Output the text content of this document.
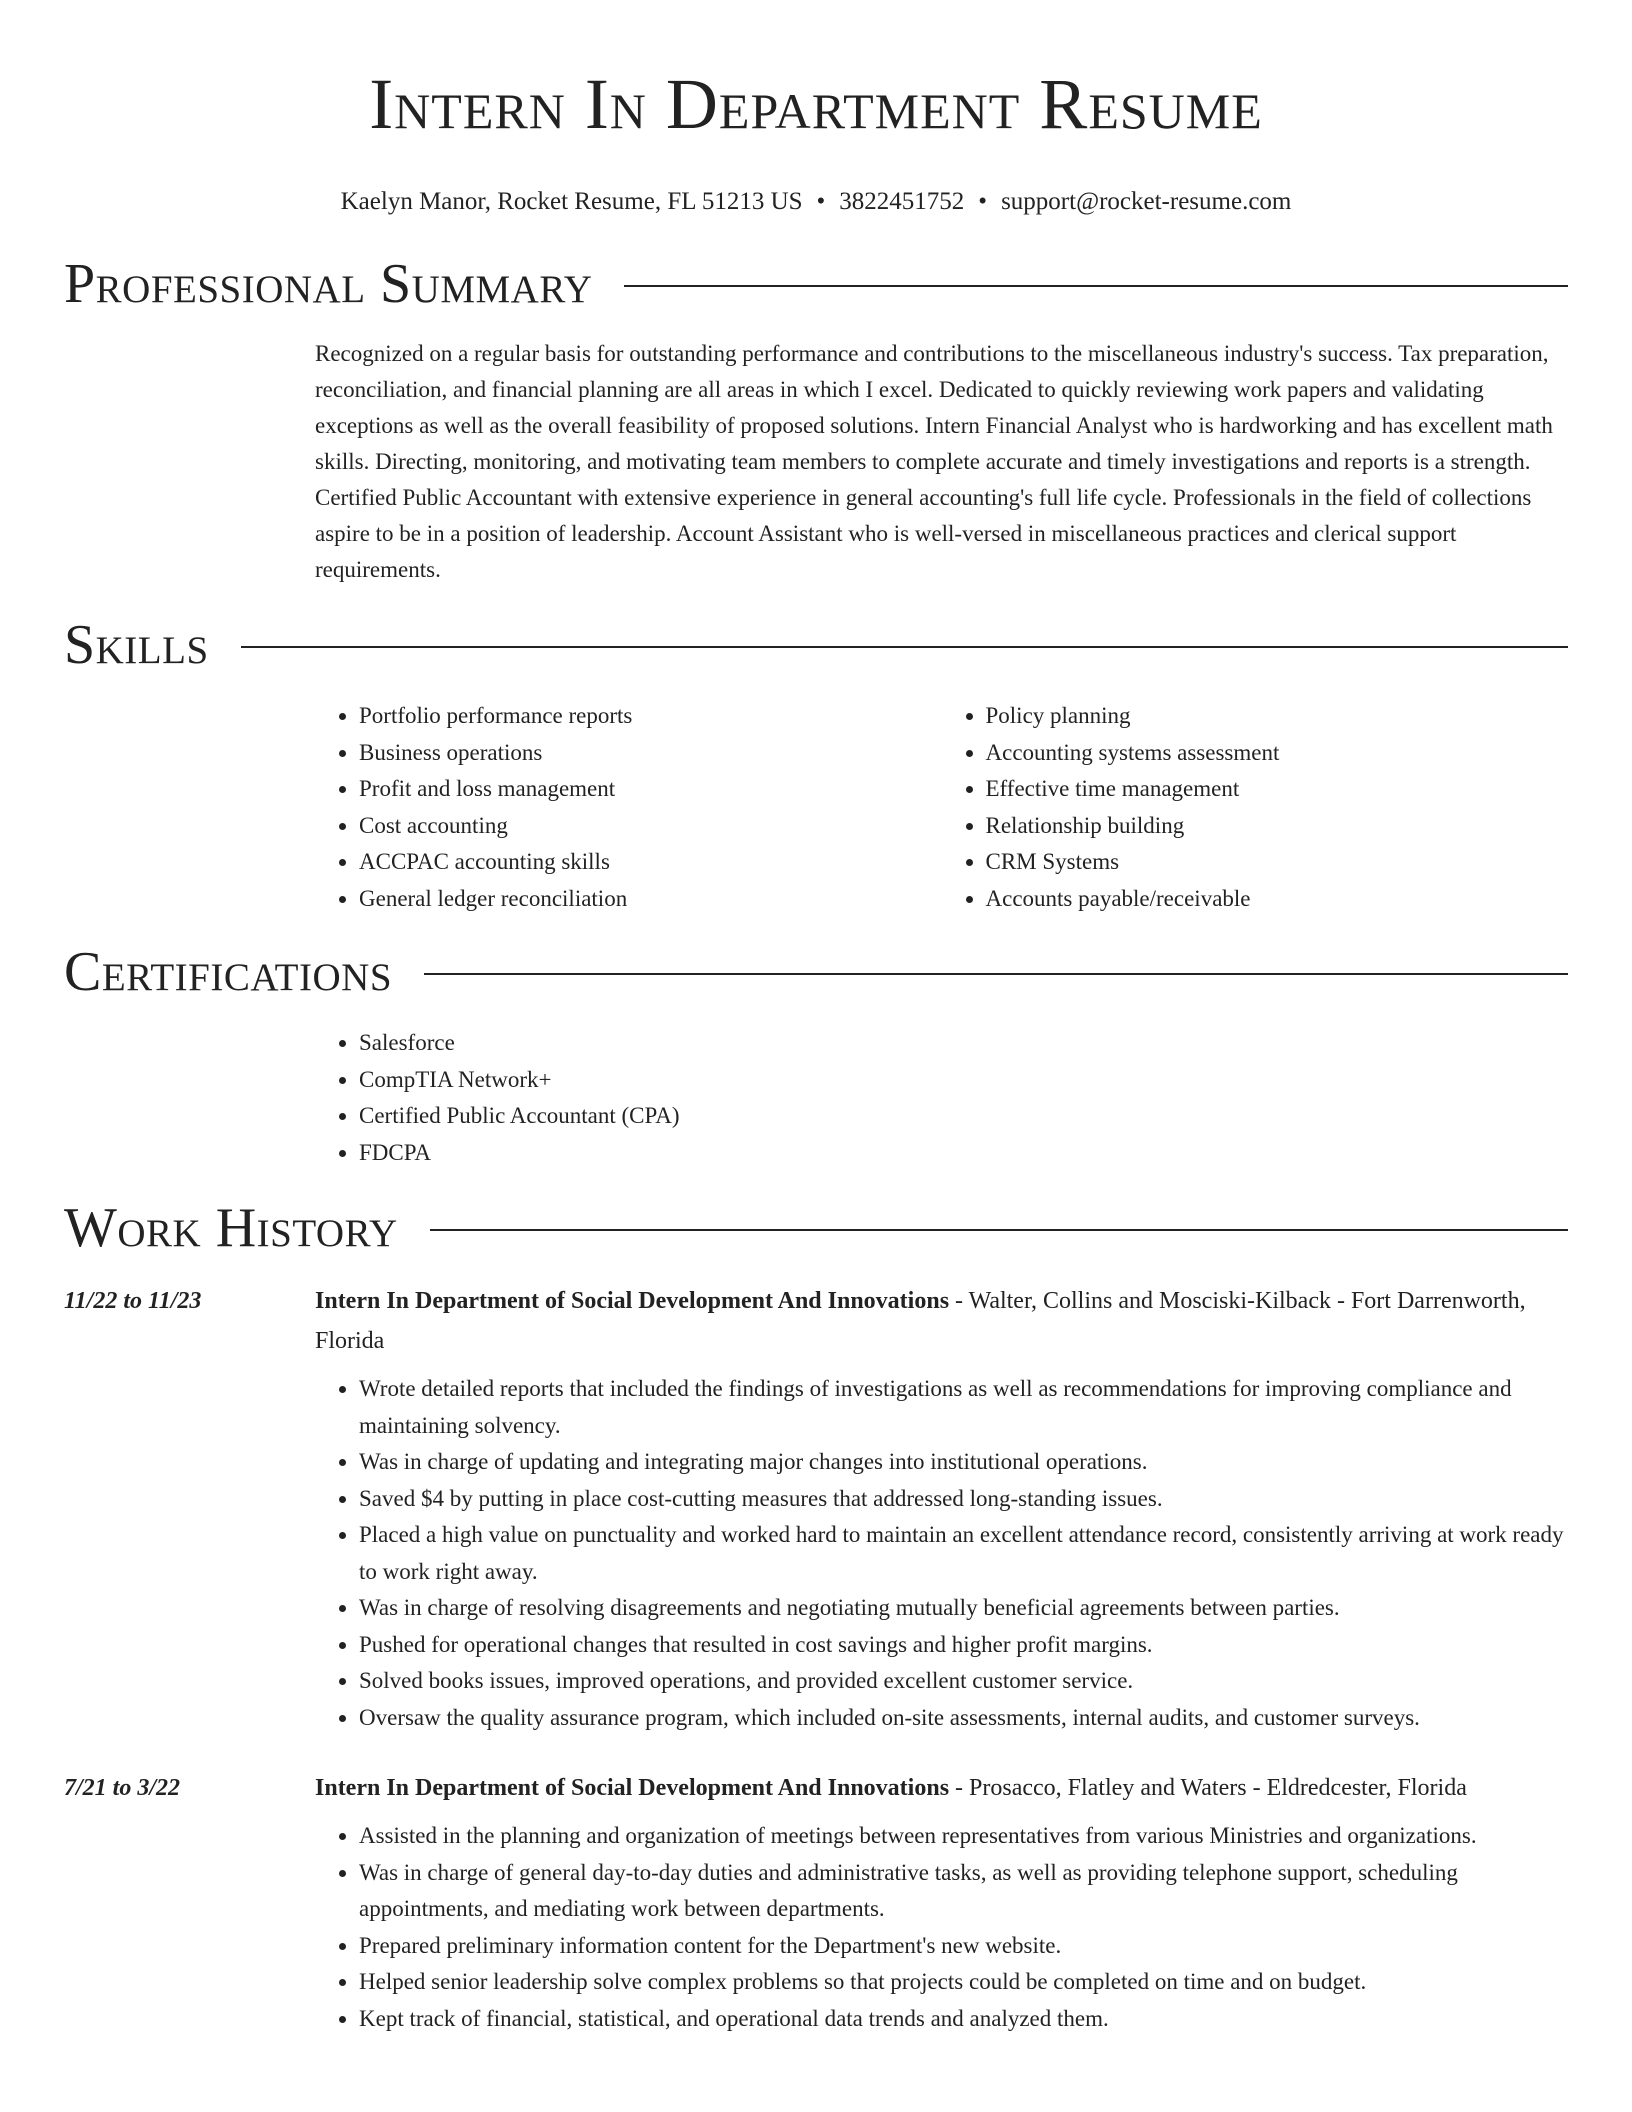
Intern In Department Resume
Kaelyn Manor, Rocket Resume, FL 51213 US • 3822451752 • support@rocket-resume.com
Professional Summary

Recognized on a regular basis for outstanding performance and contributions to the miscellaneous industry's success. Tax preparation, reconciliation, and financial planning are all areas in which I excel. Dedicated to quickly reviewing work papers and validating exceptions as well as the overall feasibility of proposed solutions. Intern Financial Analyst who is hardworking and has excellent math skills. Directing, monitoring, and motivating team members to complete accurate and timely investigations and reports is a strength. Certified Public Accountant with extensive experience in general accounting's full life cycle. Professionals in the field of collections aspire to be in a position of leadership. Account Assistant who is well-versed in miscellaneous practices and clerical support requirements.

Skills
• Portfolio performance reports
• Business operations
• Profit and loss management
• Cost accounting
• ACCPAC accounting skills
• General ledger reconciliation
• Policy planning
• Accounting systems assessment
• Effective time management
• Relationship building
• CRM Systems
• Accounts payable/receivable
Certifications
• Salesforce
• CompTIA Network+
• Certified Public Accountant (CPA)
• FDCPA
Work History
11/22 to 11/23	Intern In Department of Social Development And Innovations - Walter, Collins and Mosciski-Kilback - Fort Darrenworth, Florida

• Wrote detailed reports that included the findings of investigations as well as recommendations for improving compliance and maintaining solvency.
• Was in charge of updating and integrating major changes into institutional operations.
• Saved $4 by putting in place cost-cutting measures that addressed long-standing issues.
• Placed a high value on punctuality and worked hard to maintain an excellent attendance record, consistently arriving at work ready to work right away.
• Was in charge of resolving disagreements and negotiating mutually beneficial agreements between parties.
• Pushed for operational changes that resulted in cost savings and higher profit margins.
• Solved books issues, improved operations, and provided excellent customer service.
• Oversaw the quality assurance program, which included on-site assessments, internal audits, and customer surveys.
7/21 to 3/22	Intern In Department of Social Development And Innovations - Prosacco, Flatley and Waters - Eldredcester, Florida

• Assisted in the planning and organization of meetings between representatives from various Ministries and organizations.
• Was in charge of general day-to-day duties and administrative tasks, as well as providing telephone support, scheduling appointments, and mediating work between departments.
• Prepared preliminary information content for the Department's new website.
• Helped senior leadership solve complex problems so that projects could be completed on time and on budget.
• Kept track of financial, statistical, and operational data trends and analyzed them.
